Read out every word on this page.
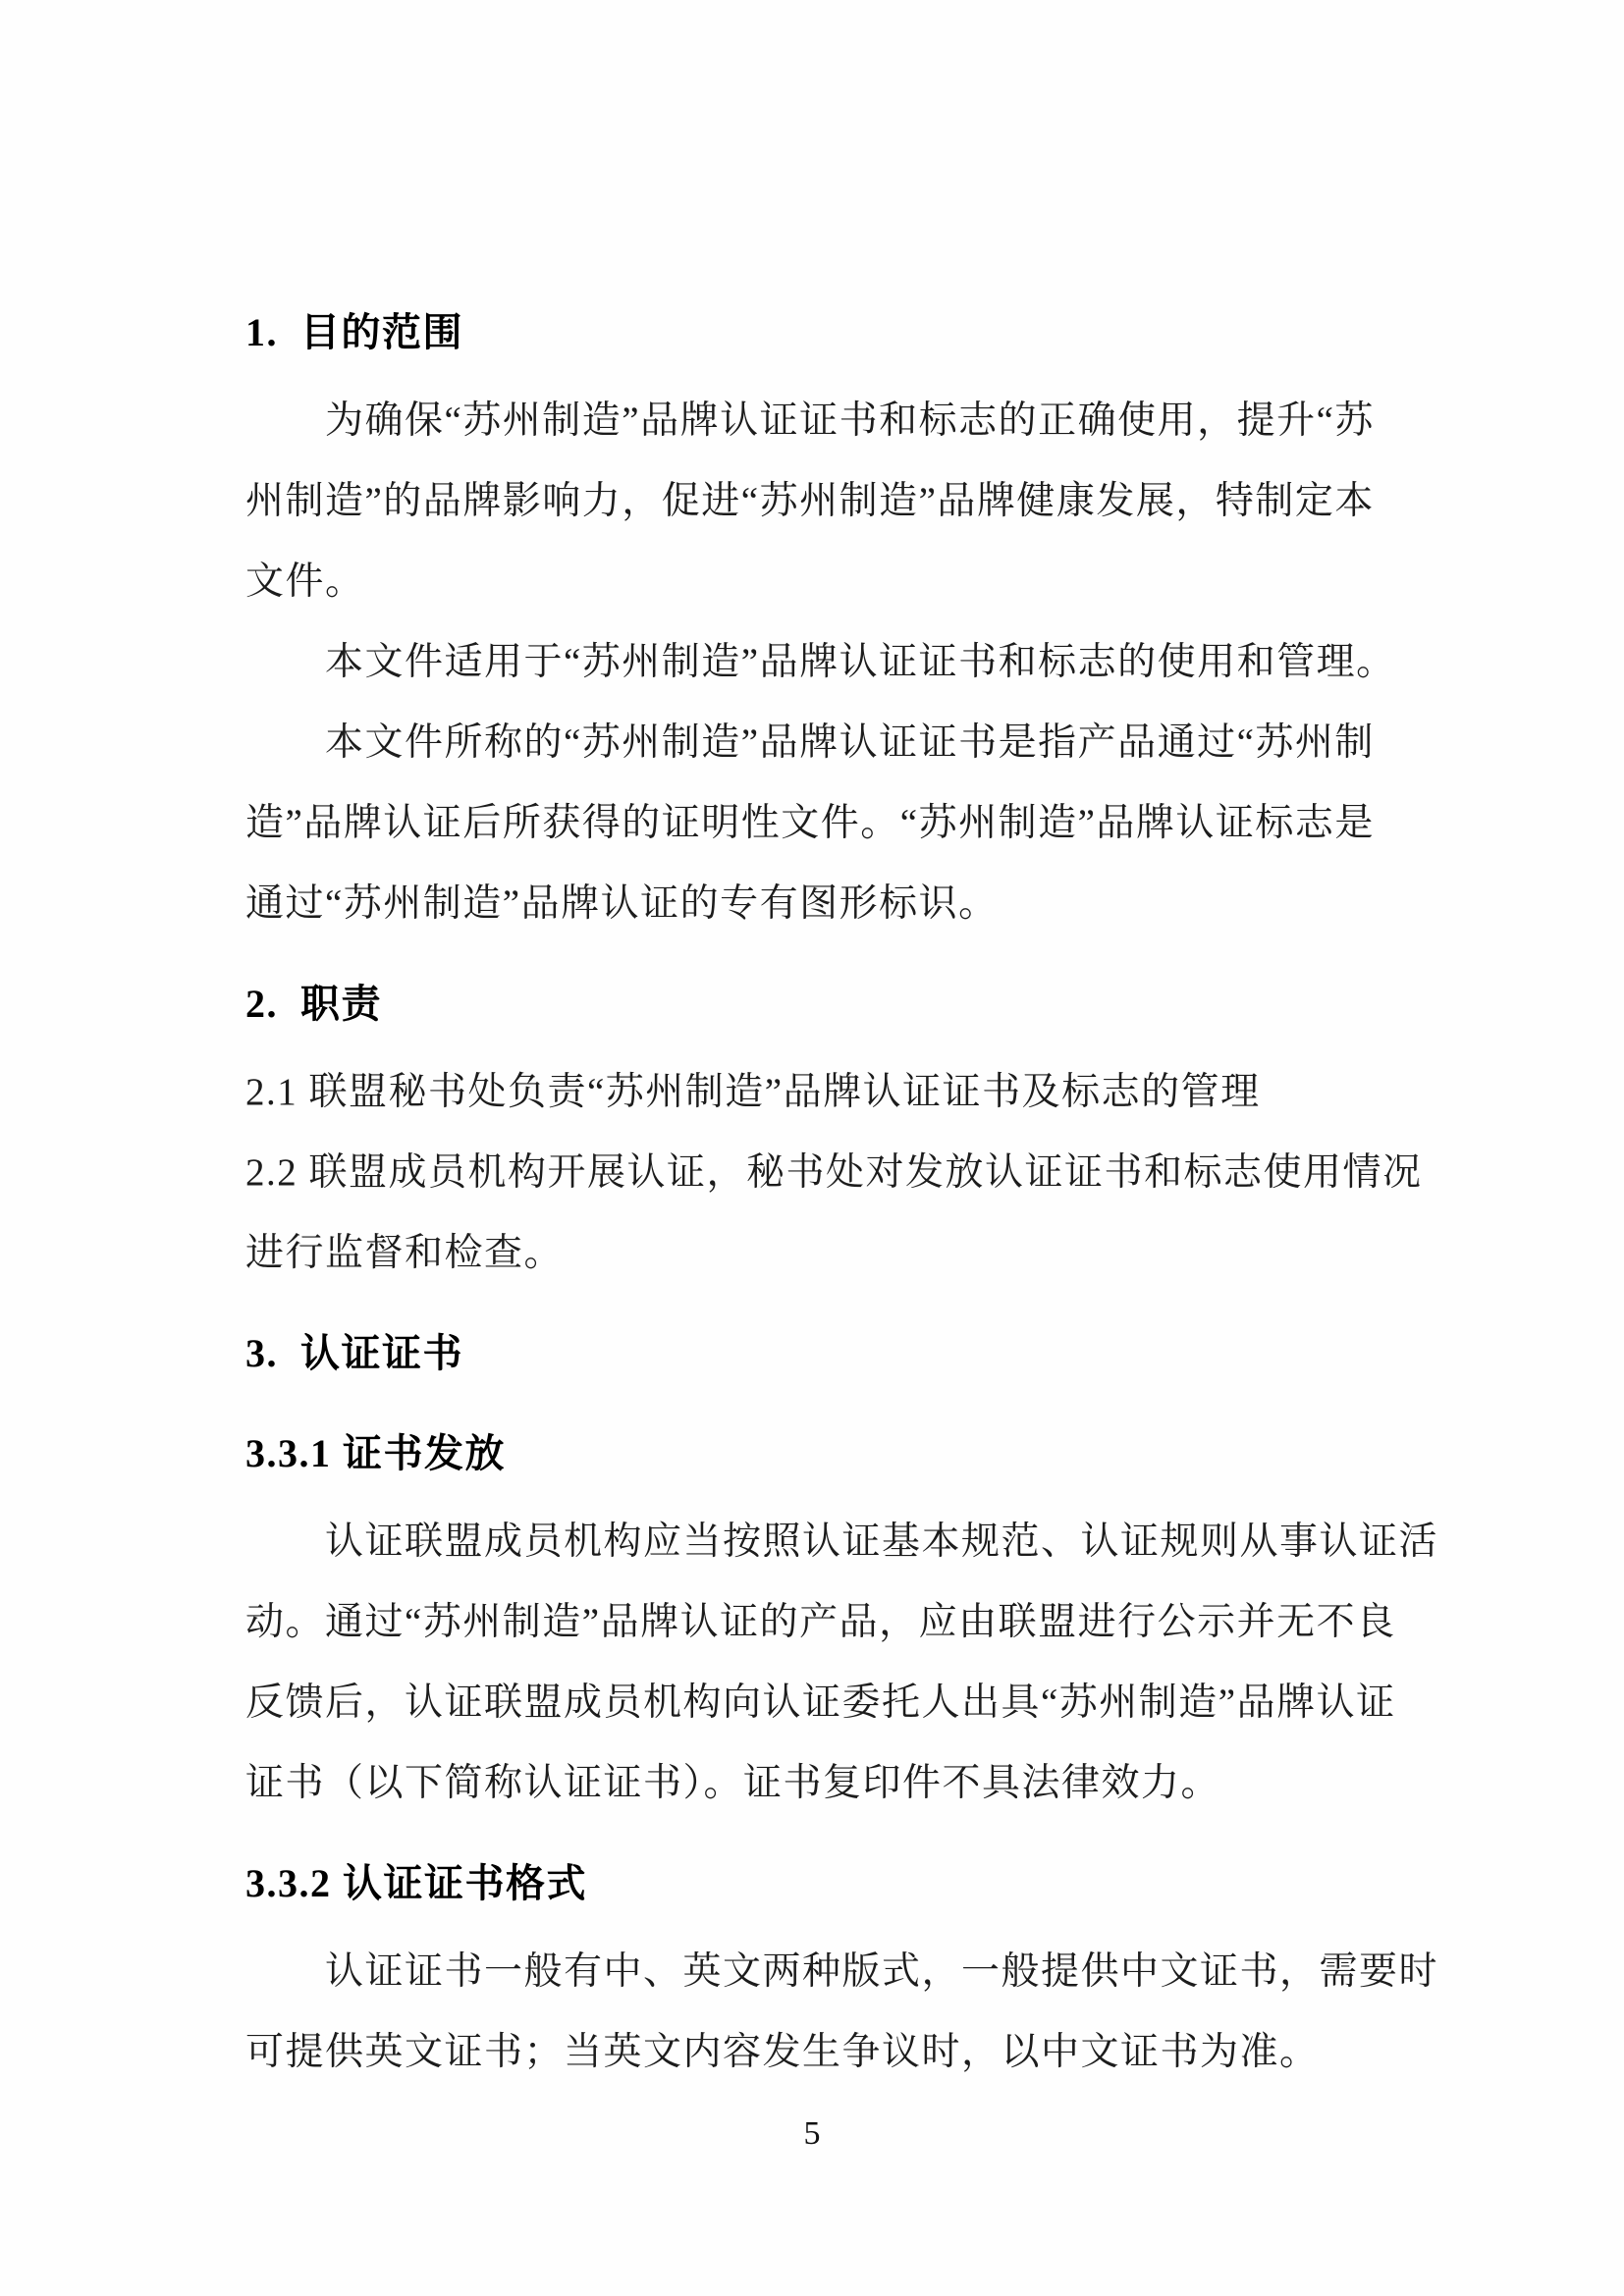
1.  目的范围
为确保“苏州制造”品牌认证证书和标志的正确使用，提升“苏
州制造”的品牌影响力，促进“苏州制造”品牌健康发展，特制定本
文件。
本文件适用于“苏州制造”品牌认证证书和标志的使用和管理。
本文件所称的“苏州制造”品牌认证证书是指产品通过“苏州制
造”品牌认证后所获得的证明性文件。“苏州制造”品牌认证标志是
通过“苏州制造”品牌认证的专有图形标识。
2.  职责
2.1 联盟秘书处负责“苏州制造”品牌认证证书及标志的管理
2.2 联盟成员机构开展认证，秘书处对发放认证证书和标志使用情况
进行监督和检查。
3.  认证证书
3.3.1 证书发放
认证联盟成员机构应当按照认证基本规范、认证规则从事认证活
动。通过“苏州制造”品牌认证的产品，应由联盟进行公示并无不良
反馈后，认证联盟成员机构向认证委托人出具“苏州制造”品牌认证
证书（以下简称认证证书）。证书复印件不具法律效力。
3.3.2 认证证书格式
认证证书一般有中、英文两种版式，一般提供中文证书，需要时
可提供英文证书；当英文内容发生争议时，以中文证书为准。
5
